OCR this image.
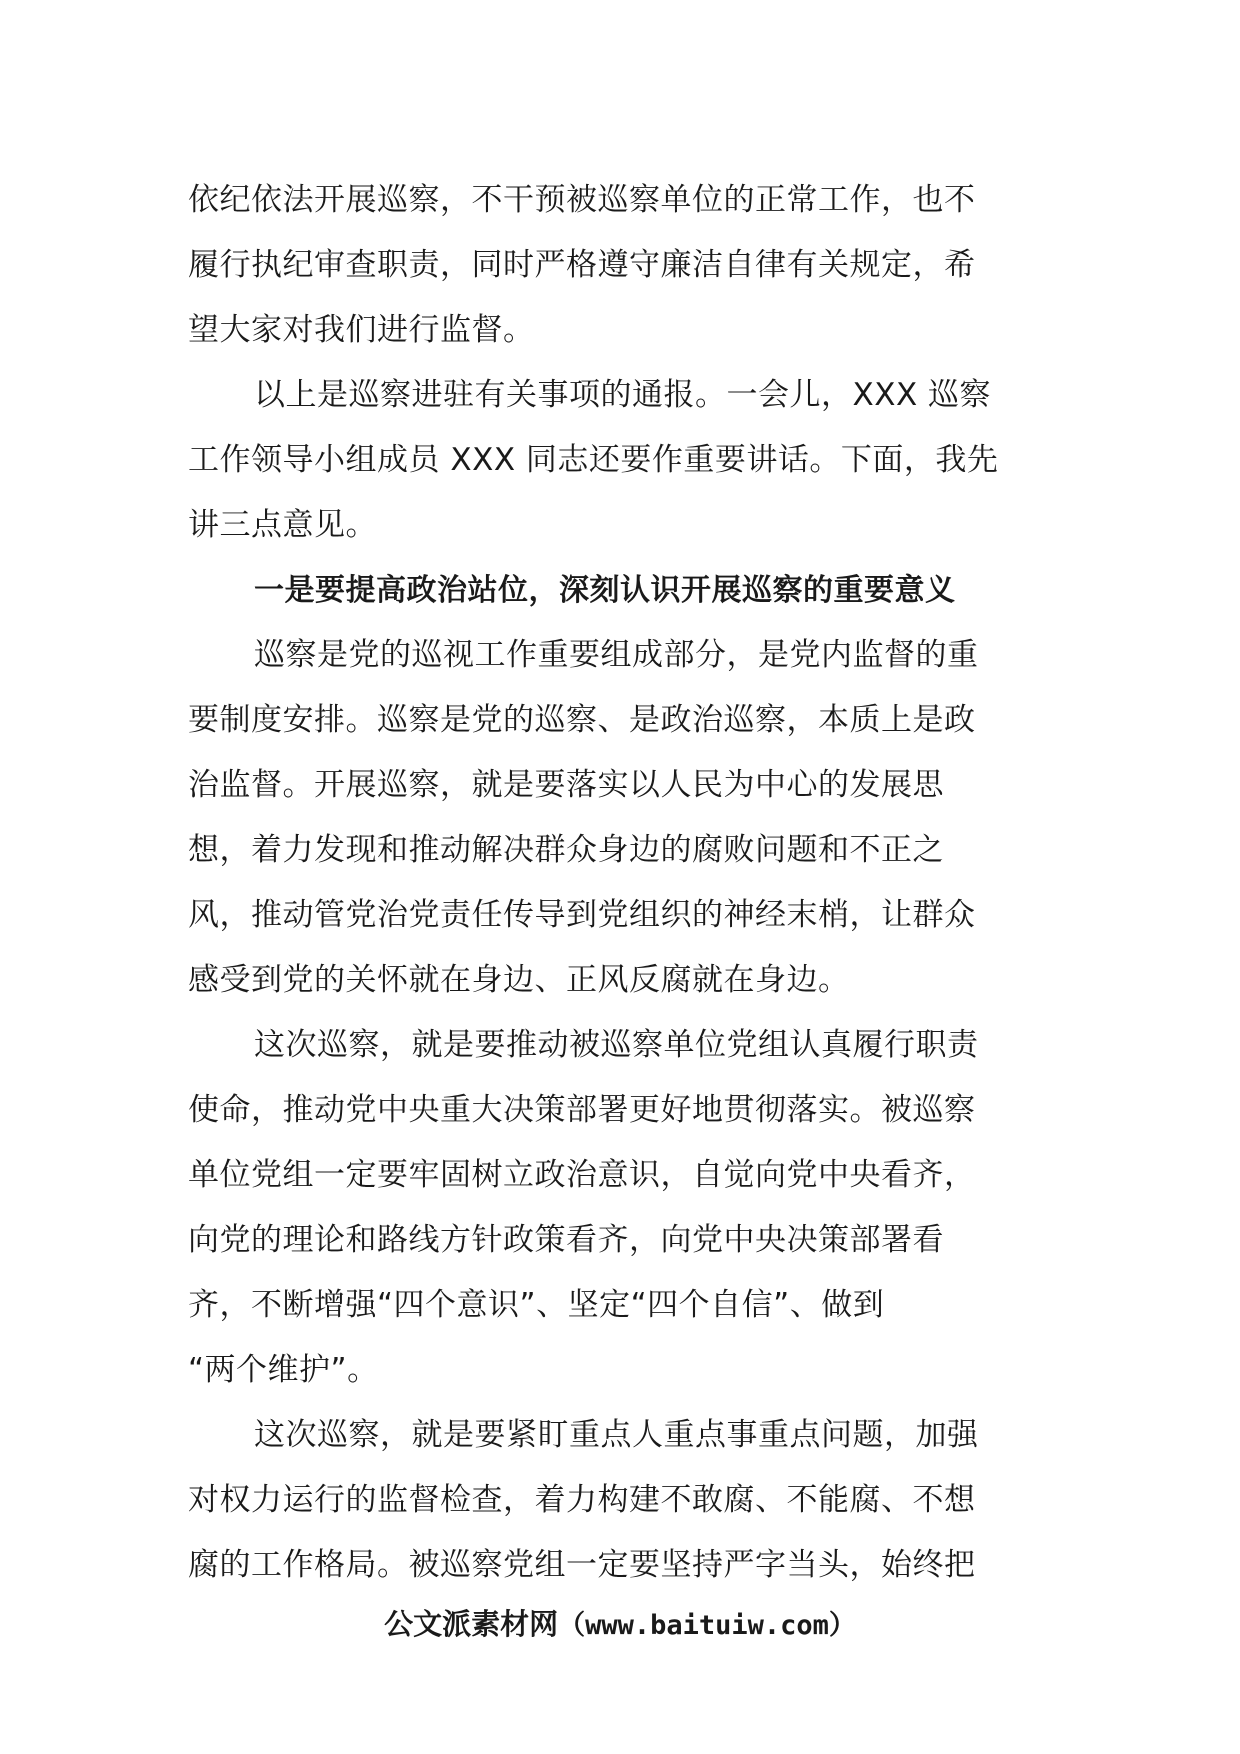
依纪依法开展巡察，不干预被巡察单位的正常工作，也不
履行执纪审查职责，同时严格遵守廉洁自律有关规定，希
望大家对我们进行监督。
以上是巡察进驻有关事项的通报。一会儿，XXX 巡察
工作领导小组成员 XXX 同志还要作重要讲话。下面，我先
讲三点意见。
一是要提高政治站位，深刻认识开展巡察的重要意义
巡察是党的巡视工作重要组成部分，是党内监督的重
要制度安排。巡察是党的巡察、是政治巡察，本质上是政
治监督。开展巡察，就是要落实以人民为中心的发展思
想，着力发现和推动解决群众身边的腐败问题和不正之
风，推动管党治党责任传导到党组织的神经末梢，让群众
感受到党的关怀就在身边、正风反腐就在身边。
这次巡察，就是要推动被巡察单位党组认真履行职责
使命，推动党中央重大决策部署更好地贯彻落实。被巡察
单位党组一定要牢固树立政治意识，自觉向党中央看齐，
向党的理论和路线方针政策看齐，向党中央决策部署看
齐，不断增强“四个意识”、坚定“四个自信”、做到
“两个维护”。
这次巡察，就是要紧盯重点人重点事重点问题，加强
对权力运行的监督检查，着力构建不敢腐、不能腐、不想
腐的工作格局。被巡察党组一定要坚持严字当头，始终把
公文派素材网（www.baituiw.com）
